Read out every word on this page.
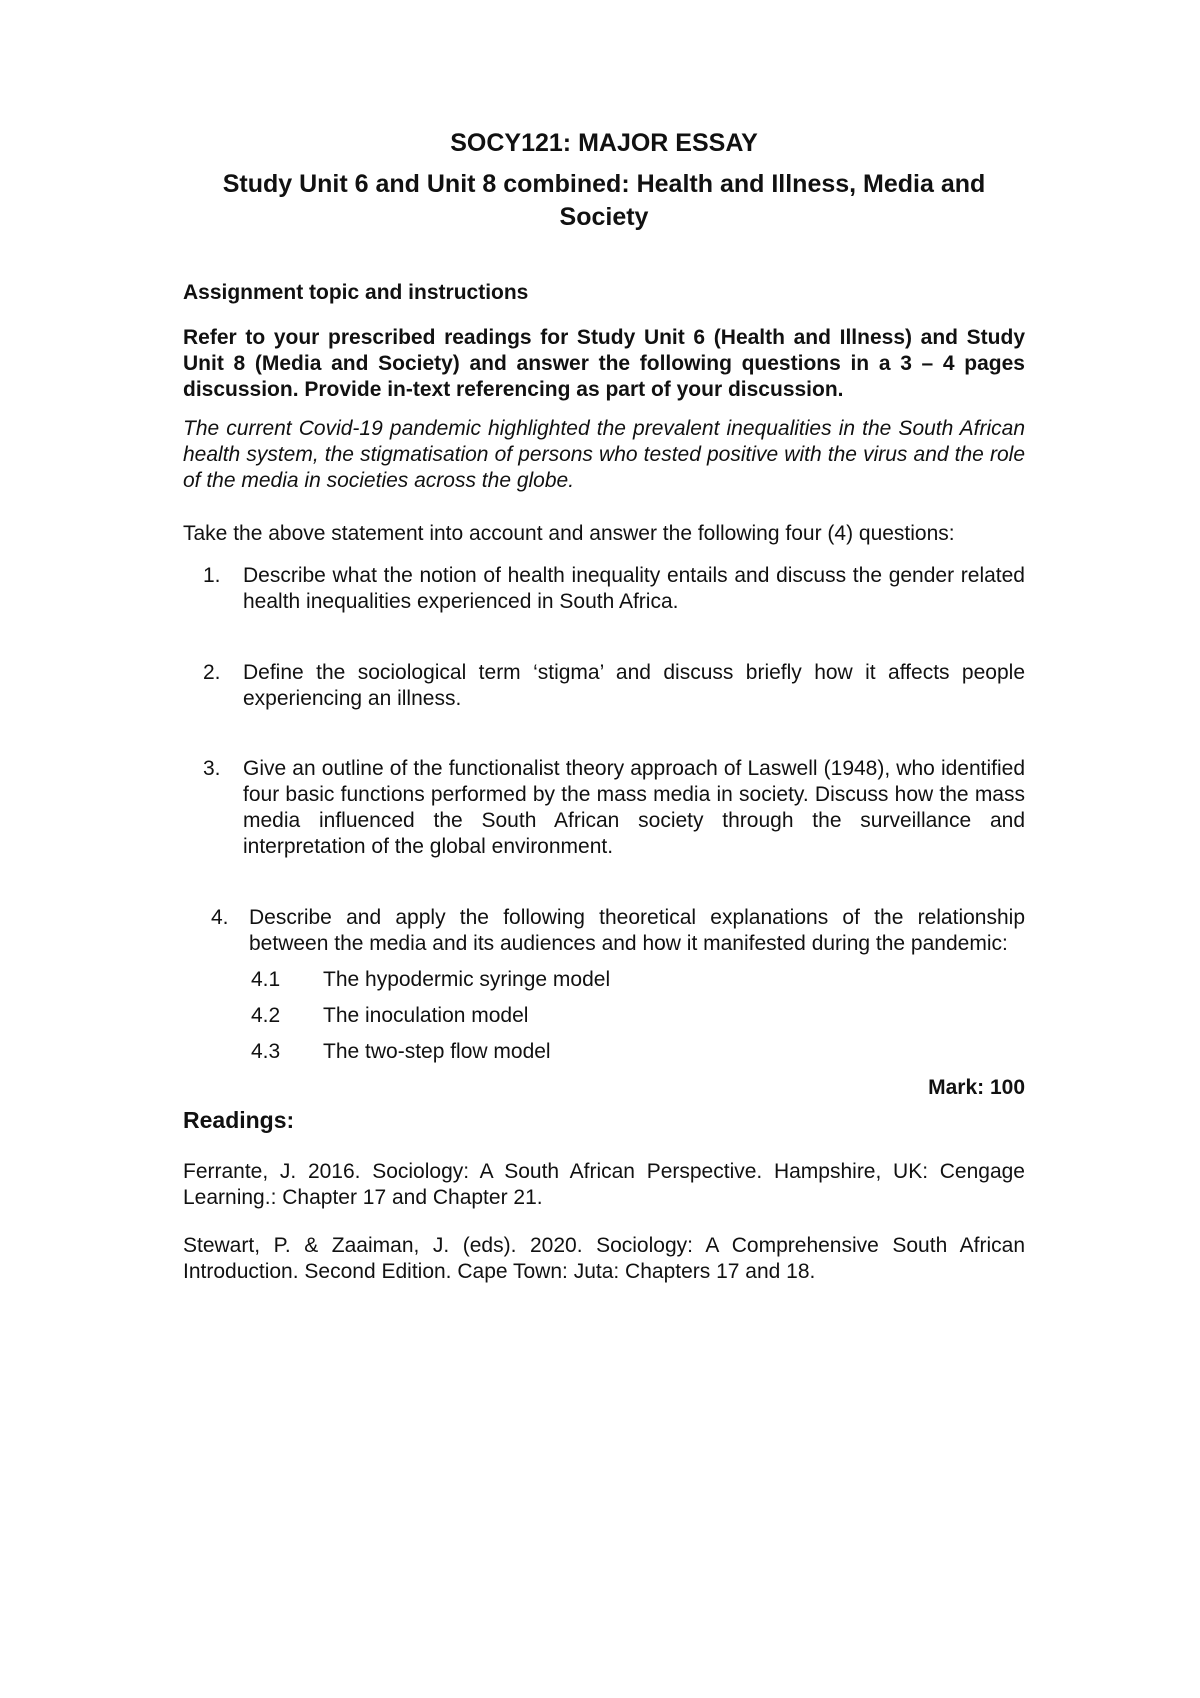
SOCY121: MAJOR ESSAY
Study Unit 6 and Unit 8 combined: Health and Illness, Media and Society
Assignment topic and instructions
Refer to your prescribed readings for Study Unit 6 (Health and Illness) and Study Unit 8 (Media and Society) and answer the following questions in a 3 – 4 pages discussion. Provide in-text referencing as part of your discussion.
The current Covid-19 pandemic highlighted the prevalent inequalities in the South African health system, the stigmatisation of persons who tested positive with the virus and the role of the media in societies across the globe.
Take the above statement into account and answer the following four (4) questions:
1.	Describe what the notion of health inequality entails and discuss the gender related health inequalities experienced in South Africa.
2.	Define the sociological term ‘stigma’ and discuss briefly how it affects people experiencing an illness.
3.	Give an outline of the functionalist theory approach of Laswell (1948), who identified four basic functions performed by the mass media in society. Discuss how the mass media influenced the South African society through the surveillance and interpretation of the global environment.
4. Describe and apply the following theoretical explanations of the relationship between the media and its audiences and how it manifested during the pandemic:
4.1	The hypodermic syringe model
4.2	The inoculation model
4.3	The two-step flow model
Mark: 100
Readings:
Ferrante, J. 2016. Sociology: A South African Perspective. Hampshire, UK: Cengage Learning.: Chapter 17 and Chapter 21.
Stewart, P. & Zaaiman, J. (eds). 2020. Sociology: A Comprehensive South African Introduction. Second Edition. Cape Town: Juta: Chapters 17 and 18.
